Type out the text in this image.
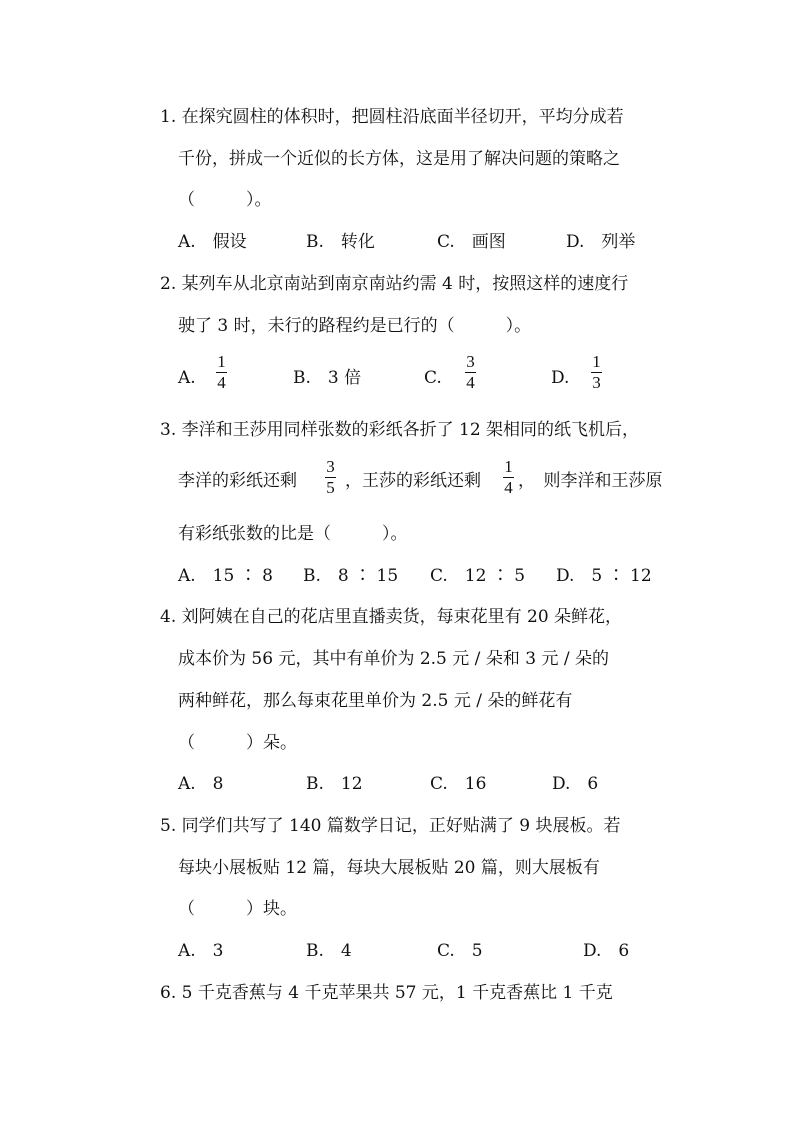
1. 在探究圆柱的体积时，把圆柱沿底面半径切开，平均分成若
千份，拼成一个近似的长方体，这是用了解决问题的策略之
（　　　）。
A.　假设	B.　转化	C.　画图	D.　列举
2. 某列车从北京南站到南京南站约需 4 时，按照这样的速度行
驶了 3 时，未行的路程约是已行的（　　　）。
A.
1
4	B.　3 倍	C.
3
4	D.
1
3
3. 李洋和王莎用同样张数的彩纸各折了 12 架相同的纸飞机后，
李洋的彩纸还剩
3
5 ，王莎的彩纸还剩
1
4 ，　则李洋和王莎原
有彩纸张数的比是（　　　）。
A.　15 ∶ 8 B.　8 ∶ 15 C.　12 ∶ 5 D.　5 ∶ 12
4. 刘阿姨在自己的花店里直播卖货，每束花里有 20 朵鲜花，
成本价为 56 元，其中有单价为 2.5 元 / 朵和 3 元 / 朵的
两种鲜花，那么每束花里单价为 2.5 元 / 朵的鲜花有
（　　　）朵。
A.　8	B.　12	C.　16	D.　6
5. 同学们共写了 140 篇数学日记，正好贴满了 9 块展板。若
每块小展板贴 12 篇，每块大展板贴 20 篇，则大展板有
（　　　）块。
A.　3	B.　4	C.　5	D.　6
6. 5 千克香蕉与 4 千克苹果共 57 元，1 千克香蕉比 1 千克
